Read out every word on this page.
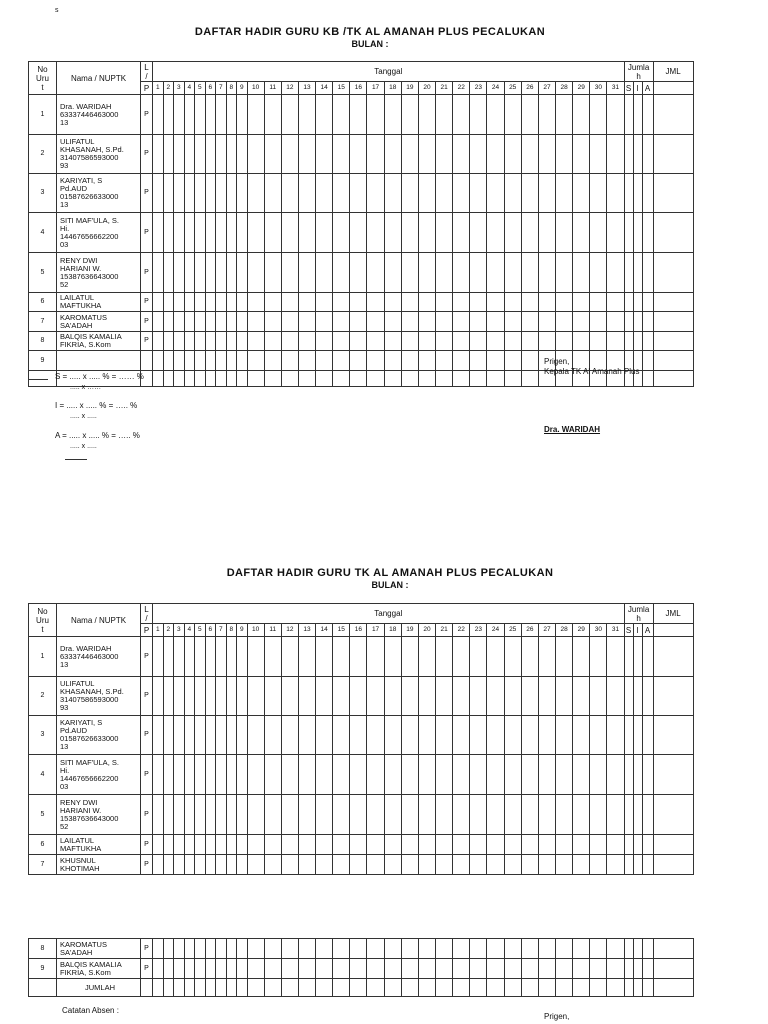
s
DAFTAR HADIR GURU KB /TK AL AMANAH PLUS PECALUKAN
BULAN :
No
Uru
t	Nama / NUPTK	L
/	Tanggal																															Jumla
h			JML
		P	1	2	3	4	5	6	7	8	9	10	11	12	13	14	15	16	17	18	19	20	21	22	23	24	25	26	27	28	29	30	31	S	I	A	
1	Dra. WARIDAH
63337446463000
13	P																																			
2	ULIFATUL
KHASANAH, S.Pd.
31407586593000
93	P																																			
3	KARIYATI, S
Pd.AUD
01587626633000
13	P																																			
4	SITI MAF'ULA, S.
Hi.
14467656662200
03	P																																			
5	RENY DWI
HARIANI W.
15387636643000
52	P																																			
6	LAILATUL
MAFTUKHA	P																																			
7	KAROMATUS
SA'ADAH	P																																			
8	BALQIS KAMALIA
FIKRIA, S.Kom	P																																			
9																																					
																																						Prigen,
Kepala TK Al Amanah Plus
Dra. WARIDAH
S = ..... x ..... % = …… %
..... x ……
I = ..... x ..... % = ….. %
..... x .....
A = ..... x ..... % = ….. %
..... x .....
DAFTAR HADIR GURU TK AL AMANAH PLUS PECALUKAN
BULAN :
No
Uru
t	Nama / NUPTK	L
/	Tanggal																															Jumla
h			JML
		P	1	2	3	4	5	6	7	8	9	10	11	12	13	14	15	16	17	18	19	20	21	22	23	24	25	26	27	28	29	30	31	S	I	A	
1	Dra. WARIDAH
63337446463000
13	P																																			
2	ULIFATUL
KHASANAH, S.Pd.
31407586593000
93	P																																			
3	KARIYATI, S
Pd.AUD
01587626633000
13	P																																			
4	SITI MAF'ULA, S.
Hi.
14467656662200
03	P																																			
5	RENY DWI
HARIANI W.
15387636643000
52	P																																			
6	LAILATUL
MAFTUKHA	P																																			
7	KHUSNUL
KHOTIMAH	P																																			
8	KAROMATUS
SA'ADAH	P																																			
9	BALQIS KAMALIA
FIKRIA, S.Kom	P																																			
	JUMLAH																																				
Catatan Absen :
Prigen,
